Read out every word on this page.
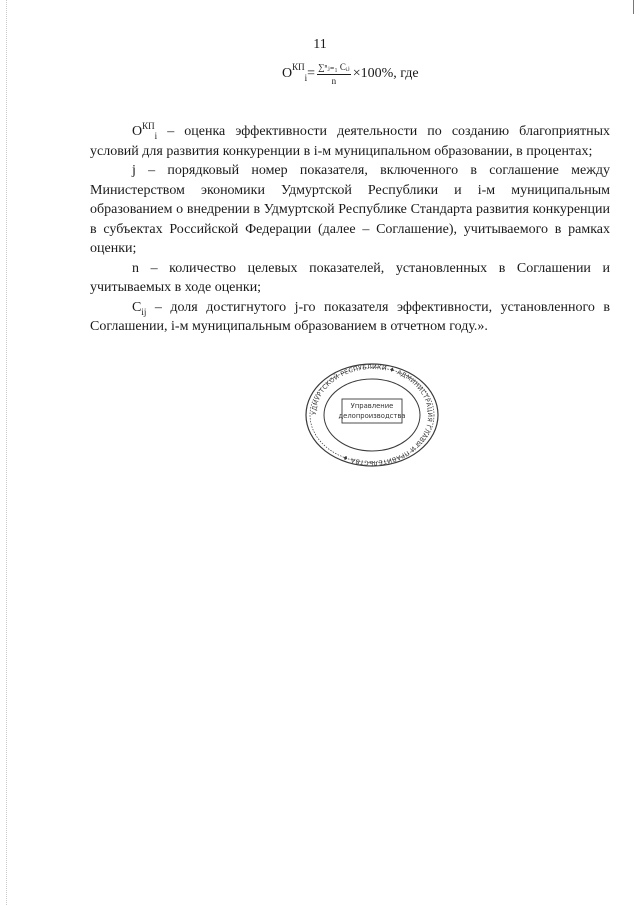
11
$О^{КП}_i= \frac{\text{∑ⁿⱼ₌₁ Cᵢⱼ}}{n} \times 100\%$, где

$О^{КП}_i$ – оценка эффективности деятельности по созданию благоприятных условий для развития конкуренции в i-м муниципальном образовании, в процентах;

j – порядковый номер показателя, включенного в соглашение между Министерством экономики Удмуртской Республики и i-м муниципальным образованием о внедрении в Удмуртской Республике Стандарта развития конкуренции в субъектах Российской Федерации (далее – Соглашение), учитываемого в рамках оценки;

n – количество целевых показателей, установленных в Соглашении и учитываемых в ходе оценки;

$C_{ij}$ – доля достигнутого j-го показателя эффективности, установленного в Соглашении, i-м муниципальным образованием в отчетном году.».

УДМУРТСКОЙ РЕСПУБЛИКИ ♦ АДМИНИСТРАЦИЯ ГЛАВЫ И ПРАВИТЕЛЬСТВА ♦
Управление
делопроизводства
